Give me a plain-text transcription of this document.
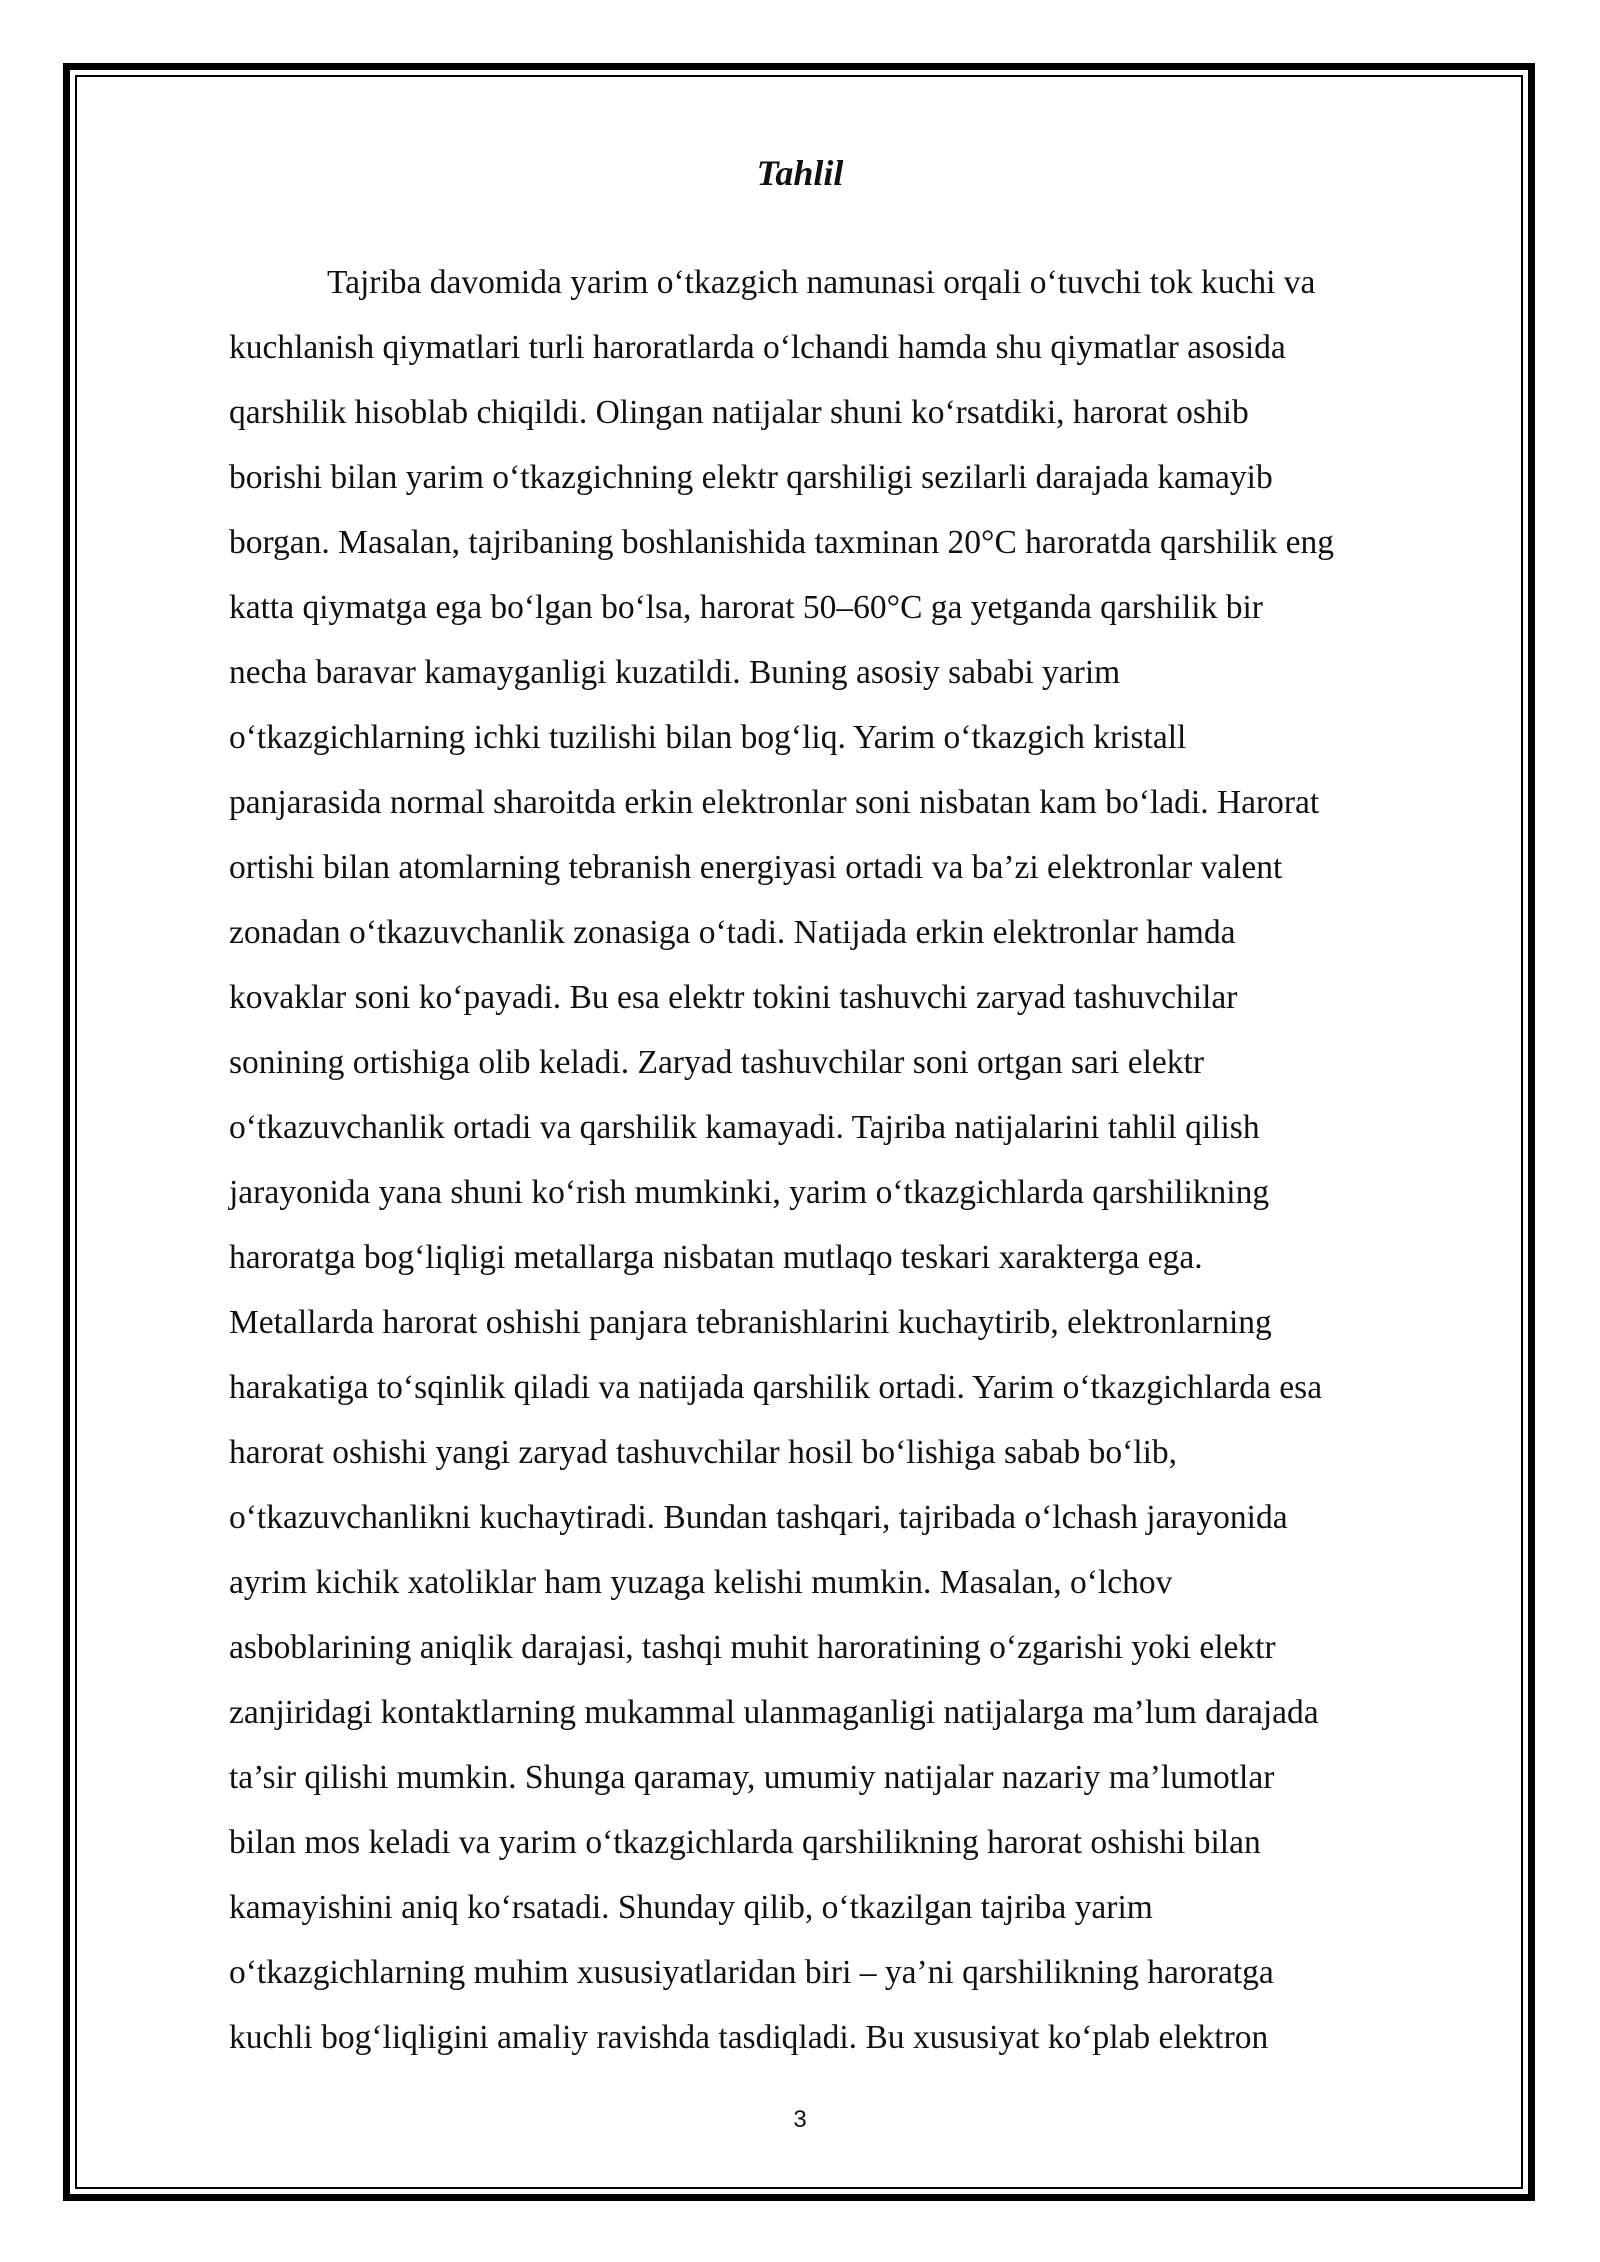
Tahlil
Tajriba davomida yarim o‘tkazgich namunasi orqali o‘tuvchi tok kuchi va
kuchlanish qiymatlari turli haroratlarda o‘lchandi hamda shu qiymatlar asosida
qarshilik hisoblab chiqildi. Olingan natijalar shuni ko‘rsatdiki, harorat oshib
borishi bilan yarim o‘tkazgichning elektr qarshiligi sezilarli darajada kamayib
borgan. Masalan, tajribaning boshlanishida taxminan 20°C haroratda qarshilik eng
katta qiymatga ega bo‘lgan bo‘lsa, harorat 50–60°C ga yetganda qarshilik bir
necha baravar kamayganligi kuzatildi. Buning asosiy sababi yarim
o‘tkazgichlarning ichki tuzilishi bilan bog‘liq. Yarim o‘tkazgich kristall
panjarasida normal sharoitda erkin elektronlar soni nisbatan kam bo‘ladi. Harorat
ortishi bilan atomlarning tebranish energiyasi ortadi va ba’zi elektronlar valent
zonadan o‘tkazuvchanlik zonasiga o‘tadi. Natijada erkin elektronlar hamda
kovaklar soni ko‘payadi. Bu esa elektr tokini tashuvchi zaryad tashuvchilar
sonining ortishiga olib keladi. Zaryad tashuvchilar soni ortgan sari elektr
o‘tkazuvchanlik ortadi va qarshilik kamayadi. Tajriba natijalarini tahlil qilish
jarayonida yana shuni ko‘rish mumkinki, yarim o‘tkazgichlarda qarshilikning
haroratga bog‘liqligi metallarga nisbatan mutlaqo teskari xarakterga ega.
Metallarda harorat oshishi panjara tebranishlarini kuchaytirib, elektronlarning
harakatiga to‘sqinlik qiladi va natijada qarshilik ortadi. Yarim o‘tkazgichlarda esa
harorat oshishi yangi zaryad tashuvchilar hosil bo‘lishiga sabab bo‘lib,
o‘tkazuvchanlikni kuchaytiradi. Bundan tashqari, tajribada o‘lchash jarayonida
ayrim kichik xatoliklar ham yuzaga kelishi mumkin. Masalan, o‘lchov
asboblarining aniqlik darajasi, tashqi muhit haroratining o‘zgarishi yoki elektr
zanjiridagi kontaktlarning mukammal ulanmaganligi natijalarga ma’lum darajada
ta’sir qilishi mumkin. Shunga qaramay, umumiy natijalar nazariy ma’lumotlar
bilan mos keladi va yarim o‘tkazgichlarda qarshilikning harorat oshishi bilan
kamayishini aniq ko‘rsatadi. Shunday qilib, o‘tkazilgan tajriba yarim
o‘tkazgichlarning muhim xususiyatlaridan biri – ya’ni qarshilikning haroratga
kuchli bog‘liqligini amaliy ravishda tasdiqladi. Bu xususiyat ko‘plab elektron
3
